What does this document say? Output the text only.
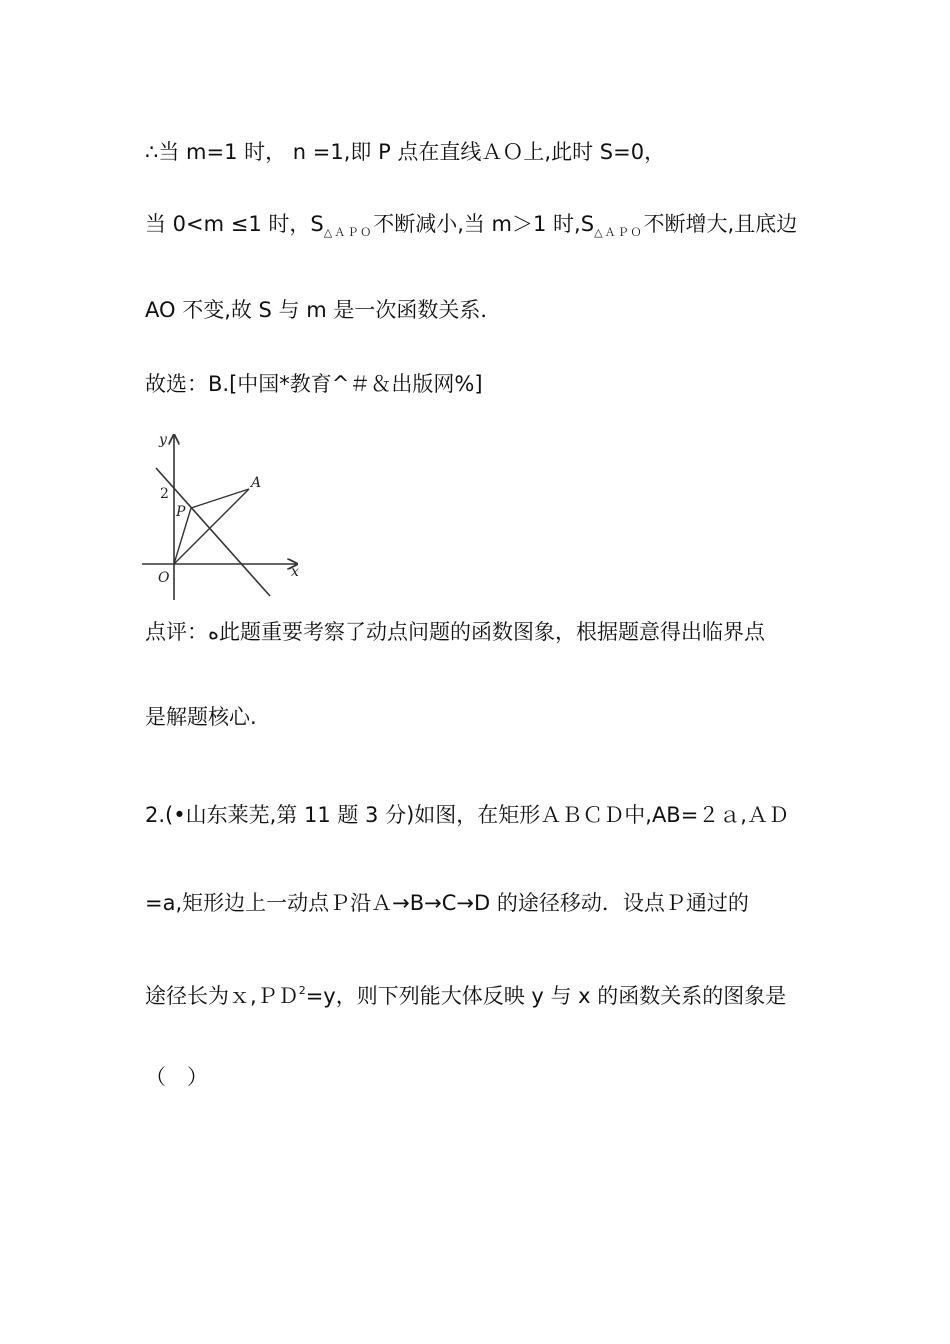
∴当 m=1 时， n =1,即 P 点在直线ＡＯ上,此时 S=0，
当 0<m ≤1 时，$S_{\triangle APO}$不断减小,当 m＞1 时$,S_{\triangle APO}$不断增大,且底边
AO 不变,故 S 与 m 是一次函数关系．
故选：B.[中国*教育^＃＆出版网%]
y
x
O
2
A
P
点评：ﻩ此题重要考察了动点问题的函数图象，根据题意得出临界点
是解题核心.
2.(•山东莱芜,第 11 题 3 分)如图，在矩形ＡＢＣＤ中,AB=２ａ,ＡＤ
=a,矩形边上一动点Ｐ沿Ａ→B→C→D 的途径移动．设点Ｐ通过的
途径长为ｘ,ＰＤ$^2$=y，则下列能大体反映 y 与 x 的函数关系的图象是
（　）
